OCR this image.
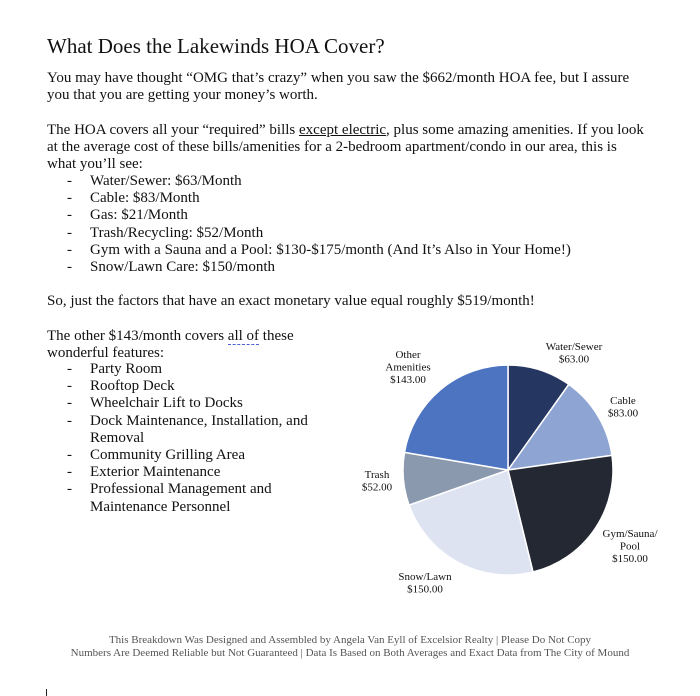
What Does the Lakewinds HOA Cover?

You may have thought “OMG that’s crazy” when you saw the $662/month HOA fee, but I assure you that you are getting your money’s worth.

The HOA covers all your “required” bills except electric, plus some amazing amenities. If you look at the average cost of these bills/amenities for a 2-bedroom apartment/condo in our area, this is what you’ll see:

- Water/Sewer: $63/Month
- Cable: $83/Month
- Gas: $21/Month
- Trash/Recycling: $52/Month
- Gym with a Sauna and a Pool: $130-$175/month (And It’s Also in Your Home!)
- Snow/Lawn Care: $150/month

So, just the factors that have an exact monetary value equal roughly $519/month!

The other $143/month covers all of these wonderful features:

- Party Room
- Rooftop Deck
- Wheelchair Lift to Docks
- Dock Maintenance, Installation, and Removal
- Community Grilling Area
- Exterior Maintenance
- Professional Management and Maintenance Personnel
Water/Sewer $63.00
Cable $83.00
Gym/Sauna/ Pool $150.00
Snow/Lawn $150.00
Trash $52.00
Other Amenities $143.00

This Breakdown Was Designed and Assembled by Angela Van Eyll of Excelsior Realty | Please Do Not Copy

Numbers Are Deemed Reliable but Not Guaranteed | Data Is Based on Both Averages and Exact Data from The City of Mound
